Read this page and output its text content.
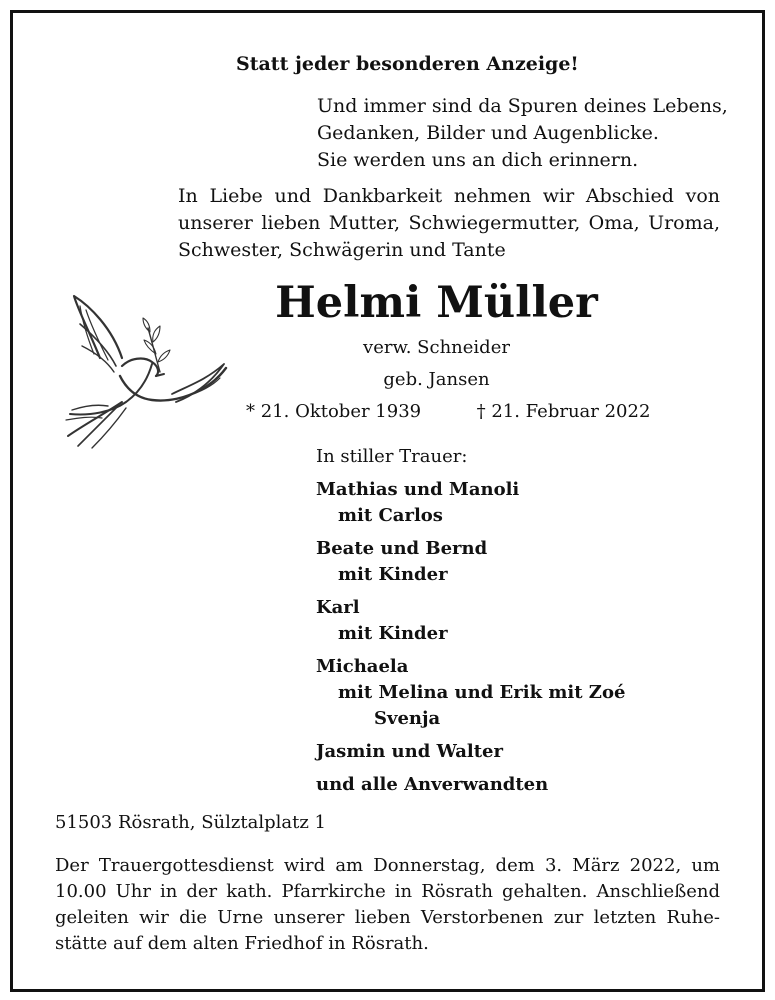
Statt jeder besonderen Anzeige!
Und immer sind da Spuren deines Lebens,
Gedanken, Bilder und Augenblicke.
Sie werden uns an dich erinnern.
In Liebe und Dankbarkeit nehmen wir Abschied von
unserer lieben Mutter, Schwiegermutter, Oma, Uroma,
Schwester, Schwägerin und Tante
Helmi Müller
verw. Schneider
geb. Jansen
* 21. Oktober 1939	† 21. Februar 2022
In stiller Trauer:
Mathias und Manoli
mit Carlos
Beate und Bernd
mit Kinder
Karl
mit Kinder
Michaela
mit Melina und Erik mit Zoé
Svenja
Jasmin und Walter
und alle Anverwandten
51503 Rösrath, Sülztalplatz 1
Der Trauergottesdienst wird am Donnerstag, dem 3. März 2022, um
10.00 Uhr in der kath. Pfarrkirche in Rösrath gehalten. Anschließend
geleiten wir die Urne unserer lieben Verstorbenen zur letzten Ruhe-
stätte auf dem alten Friedhof in Rösrath.
